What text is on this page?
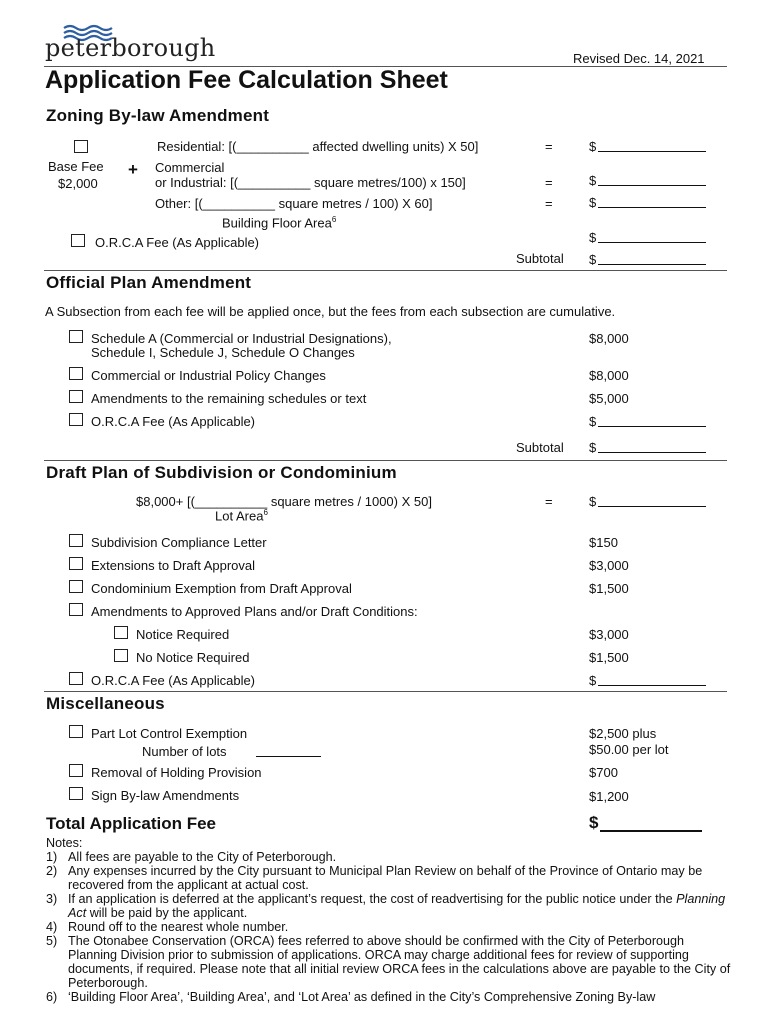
peterborough	Revised Dec. 14, 2021
Application Fee Calculation Sheet
Zoning By-law Amendment
Base Fee
$2,000
+
Residential: [(__________ affected dwelling units) X 50]	=	$
Commercial
or Industrial: [(__________ square metres/100) x 150]	=	$
Other: [(__________ square metres / 100) X 60]	=	$
Building Floor Area$^6$
O.R.C.A Fee (As Applicable)	$
Subtotal $
Official Plan Amendment
A Subsection from each fee will be applied once, but the fees from each subsection are cumulative.
Schedule A (Commercial or Industrial Designations),
Schedule I, Schedule J, Schedule O Changes
$8,000
Commercial or Industrial Policy Changes	$8,000
Amendments to the remaining schedules or text	$5,000
O.R.C.A Fee (As Applicable)	$
Subtotal $
Draft Plan of Subdivision or Condominium
$8,000+ [(__________ square metres / 1000) X 50]	=	$
Lot Area$^6$
Subdivision Compliance Letter	$150
Extensions to Draft Approval	$3,000
Condominium Exemption from Draft Approval	$1,500
Amendments to Approved Plans and/or Draft Conditions:
Notice Required	$3,000
No Notice Required	$1,500
O.R.C.A Fee (As Applicable)	$
Miscellaneous
Part Lot Control Exemption	$2,500 plus
$50.00 per lot
Number of lots
Removal of Holding Provision	$700
Sign By-law Amendments	$1,200
Total Application Fee	$
Notes:
1) All fees are payable to the City of Peterborough.
2) Any expenses incurred by the City pursuant to Municipal Plan Review on behalf of the Province of Ontario may be recovered from the applicant at actual cost.
3) If an application is deferred at the applicant’s request, the cost of readvertising for the public notice under the Planning Act will be paid by the applicant.
4) Round off to the nearest whole number.
5) The Otonabee Conservation (ORCA) fees referred to above should be confirmed with the City of Peterborough Planning Division prior to submission of applications. ORCA may charge additional fees for review of supporting documents, if required. Please note that all initial review ORCA fees in the calculations above are payable to the City of Peterborough.
6) ‘Building Floor Area’, ‘Building Area’, and ‘Lot Area’ as defined in the City’s Comprehensive Zoning By-law
